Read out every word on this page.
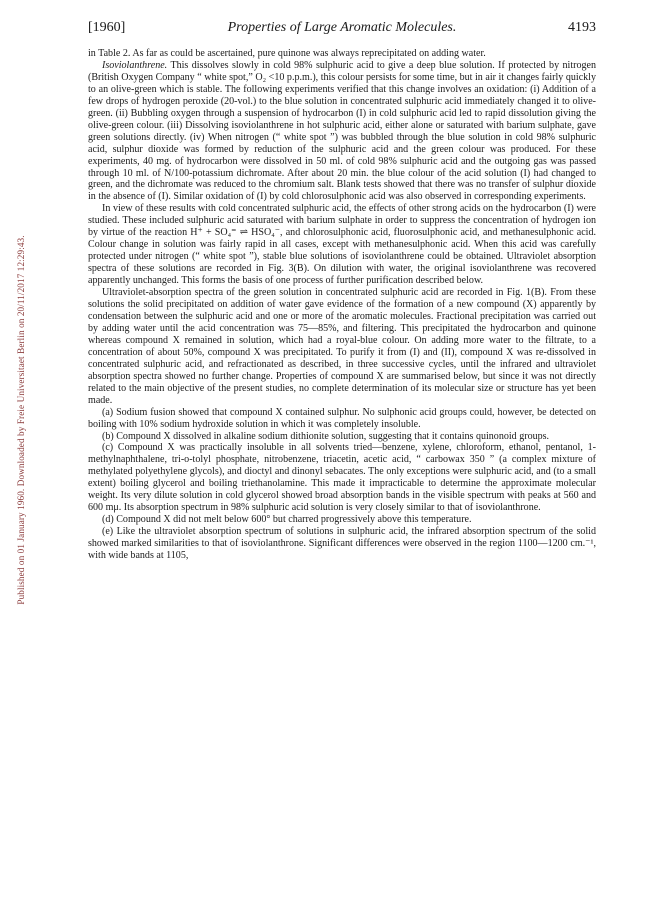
Published on 01 January 1960. Downloaded by Freie Universitaet Berlin on 20/11/2017 12:29:43.
[1960]	Properties of Large Aromatic Molecules.	4193

in Table 2. As far as could be ascertained, pure quinone was always reprecipitated on adding water.

Isoviolanthrene. This dissolves slowly in cold 98% sulphuric acid to give a deep blue solution. If protected by nitrogen (British Oxygen Company “ white spot,” O₂ <10 p.p.m.), this colour persists for some time, but in air it changes fairly quickly to an olive-green which is stable. The following experiments verified that this change involves an oxidation: (i) Addition of a few drops of hydrogen peroxide (20-vol.) to the blue solution in concentrated sulphuric acid immediately changed it to olive-green. (ii) Bubbling oxygen through a suspension of hydrocarbon (I) in cold sulphuric acid led to rapid dissolution giving the olive-green colour. (iii) Dissolving isoviolanthrene in hot sulphuric acid, either alone or saturated with barium sulphate, gave green solutions directly. (iv) When nitrogen (“ white spot ”) was bubbled through the blue solution in cold 98% sulphuric acid, sulphur dioxide was formed by reduction of the sulphuric acid and the green colour was produced. For these experiments, 40 mg. of hydrocarbon were dissolved in 50 ml. of cold 98% sulphuric acid and the outgoing gas was passed through 10 ml. of N/100-potassium dichromate. After about 20 min. the blue colour of the acid solution (I) had changed to green, and the dichromate was reduced to the chromium salt. Blank tests showed that there was no transfer of sulphur dioxide in the absence of (I). Similar oxidation of (I) by cold chlorosulphonic acid was also observed in corresponding experiments.

In view of these results with cold concentrated sulphuric acid, the effects of other strong acids on the hydrocarbon (I) were studied. These included sulphuric acid saturated with barium sulphate in order to suppress the concentration of hydrogen ion by virtue of the reaction H⁺ + SO₄⁼ ⇌ HSO₄⁻, and chlorosulphonic acid, fluorosulphonic acid, and methanesulphonic acid. Colour change in solution was fairly rapid in all cases, except with methanesulphonic acid. When this acid was carefully protected under nitrogen (“ white spot ”), stable blue solutions of isoviolanthrene could be obtained. Ultraviolet absorption spectra of these solutions are recorded in Fig. 3(B). On dilution with water, the original isoviolanthrene was recovered apparently unchanged. This forms the basis of one process of further purification described below.

Ultraviolet-absorption spectra of the green solution in concentrated sulphuric acid are recorded in Fig. 1(B). From these solutions the solid precipitated on addition of water gave evidence of the formation of a new compound (X) apparently by condensation between the sulphuric acid and one or more of the aromatic molecules. Fractional precipitation was carried out by adding water until the acid concentration was 75—85%, and filtering. This precipitated the hydrocarbon and quinone whereas compound X remained in solution, which had a royal-blue colour. On adding more water to the filtrate, to a concentration of about 50%, compound X was precipitated. To purify it from (I) and (II), compound X was re-dissolved in concentrated sulphuric acid, and refractionated as described, in three successive cycles, until the infrared and ultraviolet absorption spectra showed no further change. Properties of compound X are summarised below, but since it was not directly related to the main objective of the present studies, no complete determination of its molecular size or structure has yet been made.

(a) Sodium fusion showed that compound X contained sulphur. No sulphonic acid groups could, however, be detected on boiling with 10% sodium hydroxide solution in which it was completely insoluble.

(b) Compound X dissolved in alkaline sodium dithionite solution, suggesting that it contains quinonoid groups.

(c) Compound X was practically insoluble in all solvents tried—benzene, xylene, chloroform, ethanol, pentanol, 1-methylnaphthalene, tri-o-tolyl phosphate, nitrobenzene, triacetin, acetic acid, “ carbowax 350 ” (a complex mixture of methylated polyethylene glycols), and dioctyl and dinonyl sebacates. The only exceptions were sulphuric acid, and (to a small extent) boiling glycerol and boiling triethanolamine. This made it impracticable to determine the approximate molecular weight. Its very dilute solution in cold glycerol showed broad absorption bands in the visible spectrum with peaks at 560 and 600 mμ. Its absorption spectrum in 98% sulphuric acid solution is very closely similar to that of isoviolanthrone.

(d) Compound X did not melt below 600° but charred progressively above this temperature.

(e) Like the ultraviolet absorption spectrum of solutions in sulphuric acid, the infrared absorption spectrum of the solid showed marked similarities to that of isoviolanthrone. Significant differences were observed in the region 1100—1200 cm.⁻¹, with wide bands at 1105,
